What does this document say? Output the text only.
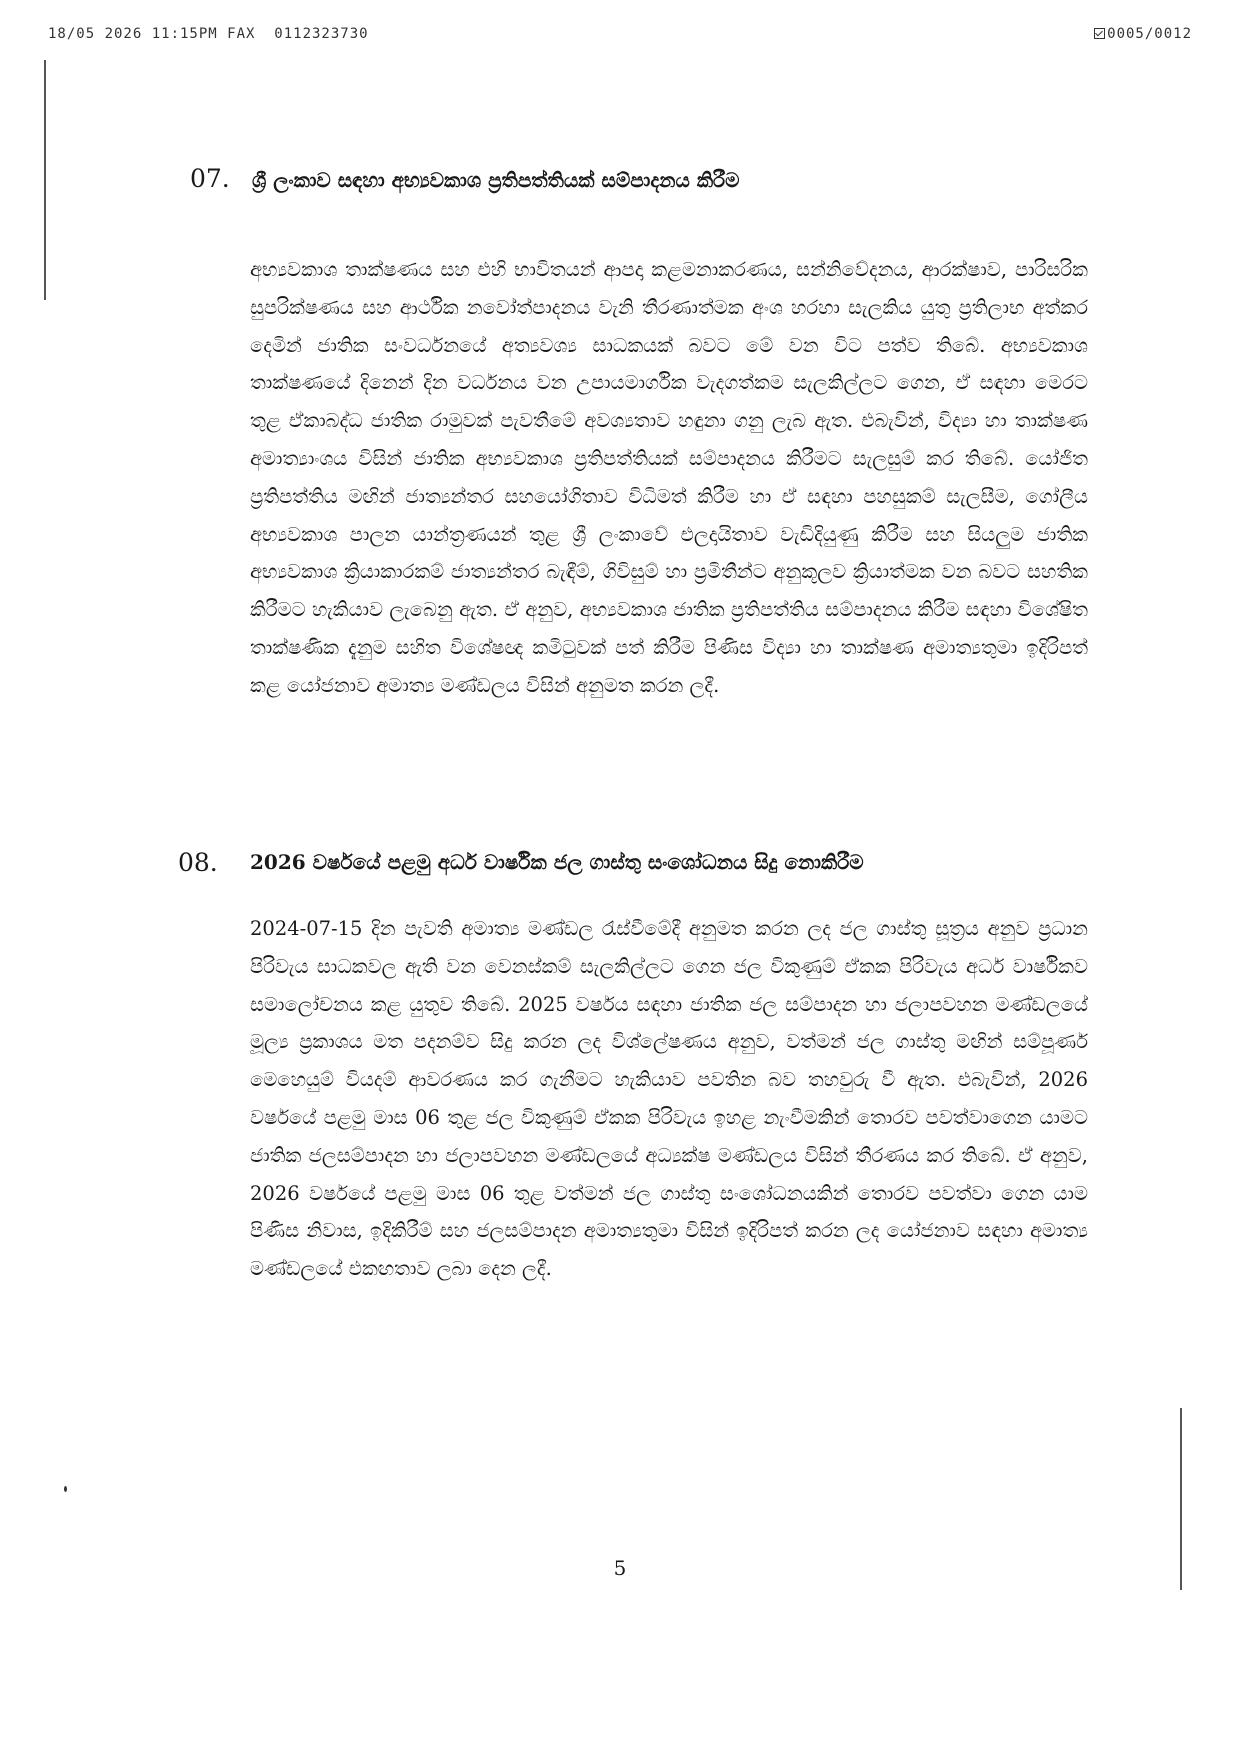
18/05 2026 11:15PM FAX  0112323730	0005/0012
07. ශ්‍රී ලංකාව සඳහා අභ්‍යවකාශ ප්‍රතිපත්තියක් සම්පාදනය කිරීම
අභ්‍යවකාශ තාක්ෂණය සහ එහි භාවිතයන් ආපදා කළමනාකරණය, සන්නිවේදනය, ආරක්ෂාව, පාරිසරික සුපරික්ෂණය සහ ආර්ථික නවෝත්පාදනය වැනි තීරණාත්මක අංශ හරහා සැලකිය යුතු ප්‍රතිලාභ අත්කර දෙමින් ජාතික සංවර්ධනයේ අත්‍යවශ්‍ය සාධකයක් බවට මේ වන විට පත්ව තිබේ. අභ්‍යවකාශ තාක්ෂණයේ දිනෙන් දින වර්ධනය වන උපායමාර්ගික වැදගත්කම සැලකිල්ලට ගෙන, ඒ සඳහා මෙරට තුළ ඒකාබද්ධ ජාතික රාමුවක් පැවතීමේ අවශ්‍යතාව හඳුනා ගනු ලැබ ඇත. එබැවින්, විද්‍යා හා තාක්ෂණ අමාත්‍යාංශය විසින් ජාතික අභ්‍යවකාශ ප්‍රතිපත්තියක් සම්පාදනය කිරීමට සැලසුම් කර තිබේ. යෝජිත ප්‍රතිපත්තිය මඟින් ජාත්‍යන්තර සහයෝගිතාව විධිමත් කිරීම හා ඒ සඳහා පහසුකම් සැලසීම, ගෝලීය අභ්‍යවකාශ පාලන යාන්ත්‍රණයන් තුළ ශ්‍රී ලංකාවේ එලදායිතාව වැඩිදියුණු කිරීම සහ සියලුම ජාතික අභ්‍යවකාශ ක්‍රියාකාරකම් ජාත්‍යන්තර බැඳීම්, ගිවිසුම් හා ප්‍රමිතීන්ට අනුකූලව ක්‍රියාත්මක වන බවට සහතික කිරීමට හැකියාව ලැබෙනු ඇත. ඒ අනුව, අභ්‍යවකාශ ජාතික ප්‍රතිපත්තිය සම්පාදනය කිරීම සඳහා විශේෂිත තාක්ෂණික දැනුම සහිත විශේෂඥ කමිටුවක් පත් කිරීම පිණිස විද්‍යා හා තාක්ෂණ අමාත්‍යතුමා ඉදිරිපත් කළ යෝජනාව අමාත්‍ය මණ්ඩලය විසින් අනුමත කරන ලදී.
08. 2026 වර්ෂයේ පළමු අර්ධ වාර්ෂික ජල ගාස්තු සංශෝධනය සිදු නොකිරීම
2024-07-15 දින පැවති අමාත්‍ය මණ්ඩල රැස්වීමේදී අනුමත කරන ලද ජල ගාස්තු සූත්‍රය අනුව ප්‍රධාන පිරිවැය සාධකවල ඇති වන වෙනස්කම් සැලකිල්ලට ගෙන ජල විකුණුම් ඒකක පිරිවැය අර්ධ වාර්ෂිකව සමාලෝචනය කළ යුතුව තිබේ. 2025 වර්ෂය සඳහා ජාතික ජල සම්පාදන හා ජලාපවහන මණ්ඩලයේ මූල්‍ය ප්‍රකාශය මත පදනම්ව සිදු කරන ලද විශ්ලේෂණය අනුව, වත්මන් ජල ගාස්තු මඟින් සම්පූර්ණ මෙහෙයුම් වියදම් ආවරණය කර ගැනීමට හැකියාව පවතින බව තහවුරු වී ඇත. එබැවින්, 2026 වර්ෂයේ පළමු මාස 06 තුළ ජල විකුණුම් ඒකක පිරිවැය ඉහළ නැංවීමකින් තොරව පවත්වාගෙන යාමට ජාතික ජලසම්පාදන හා ජලාපවහන මණ්ඩලයේ අධ්‍යක්ෂ මණ්ඩලය විසින් තීරණය කර තිබේ. ඒ අනුව, 2026 වර්ෂයේ පළමු මාස 06 තුළ වත්මන් ජල ගාස්තු සංශෝධනයකින් තොරව පවත්වා ගෙන යාම පිණිස නිවාස, ඉදිකිරීම් සහ ජලසම්පාදන අමාත්‍යතුමා විසින් ඉදිරිපත් කරන ලද යෝජනාව සඳහා අමාත්‍ය මණ්ඩලයේ එකඟතාව ලබා දෙන ලදී.
5
